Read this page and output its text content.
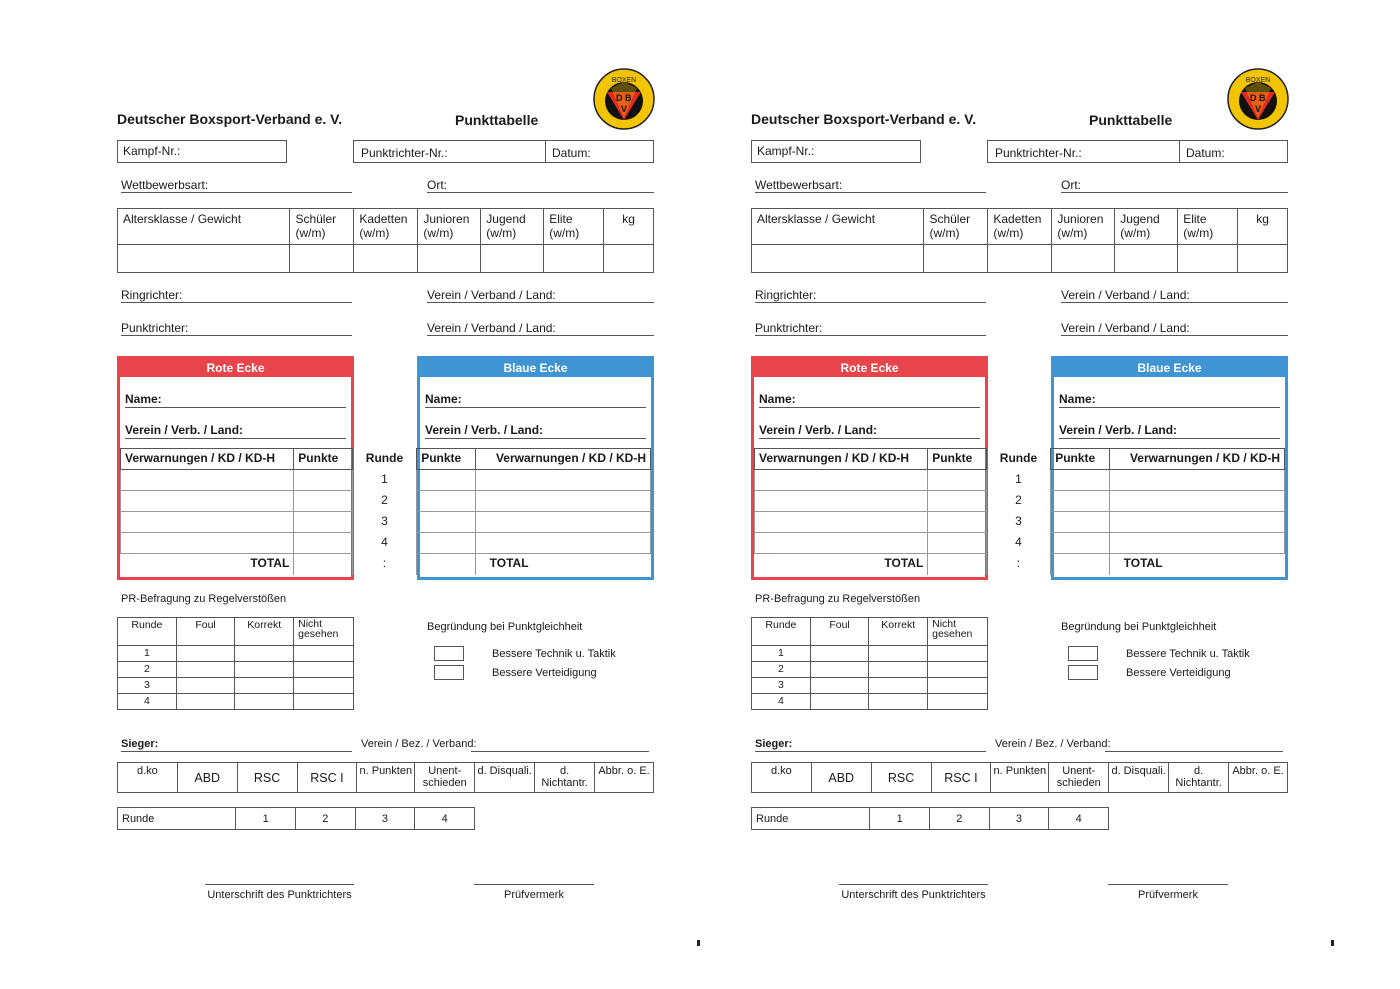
Deutscher Boxsport-Verband e. V.	Punkttabelle
BOXEN
D B
V
Kampf-Nr.:	Punktrichter-Nr.:	Datum:
Wettbewerbsart:	Ort:
Altersklasse / Gewicht	Schüler (w/m)	Kadetten (w/m)	Junioren (w/m)	Jugend (w/m)	Elite (w/m)	kg

Ringrichter:	Verein / Verband / Land:
Punktrichter:	Verein / Verband / Land:
Rote Ecke
Name:
Verein / Verb. / Land:
Blaue Ecke
Name:
Verein / Verb. / Land:
Verwarnungen / KD / KD-H	Punkte	Runde	Punkte	Verwarnungen / KD / KD-H
		1		
		2		
		3		
		4		
TOTAL		:		TOTAL
PR-Befragung zu Regelverstößen
Runde	Foul	Korrekt	Nicht gesehen
1			
2			
3			
4			
Begründung bei Punktgleichheit
Bessere Technik u. Taktik
Bessere Verteidigung
Sieger:	Verein / Bez. / Verband:
d.ko	ABD	RSC	RSC I	n. Punkten	Unent-schieden	d. Disquali.	d. Nichtantr.	Abbr. o. E.
Runde	1	2	3	4
Unterschrift des Punktrichters	Prüfvermerk
Deutscher Boxsport-Verband e. V.	Punkttabelle
BOXEN
D B
V
Kampf-Nr.:	Punktrichter-Nr.:	Datum:
Wettbewerbsart:	Ort:
Altersklasse / Gewicht	Schüler (w/m)	Kadetten (w/m)	Junioren (w/m)	Jugend (w/m)	Elite (w/m)	kg

Ringrichter:	Verein / Verband / Land:
Punktrichter:	Verein / Verband / Land:
Rote Ecke
Name:
Verein / Verb. / Land:
Blaue Ecke
Name:
Verein / Verb. / Land:
Verwarnungen / KD / KD-H	Punkte	Runde	Punkte	Verwarnungen / KD / KD-H
		1		
		2		
		3		
		4		
TOTAL		:		TOTAL
PR-Befragung zu Regelverstößen
Runde	Foul	Korrekt	Nicht gesehen
1			
2			
3			
4			
Begründung bei Punktgleichheit
Bessere Technik u. Taktik
Bessere Verteidigung
Sieger:	Verein / Bez. / Verband:
d.ko	ABD	RSC	RSC I	n. Punkten	Unent-schieden	d. Disquali.	d. Nichtantr.	Abbr. o. E.
Runde	1	2	3	4
Unterschrift des Punktrichters	Prüfvermerk
